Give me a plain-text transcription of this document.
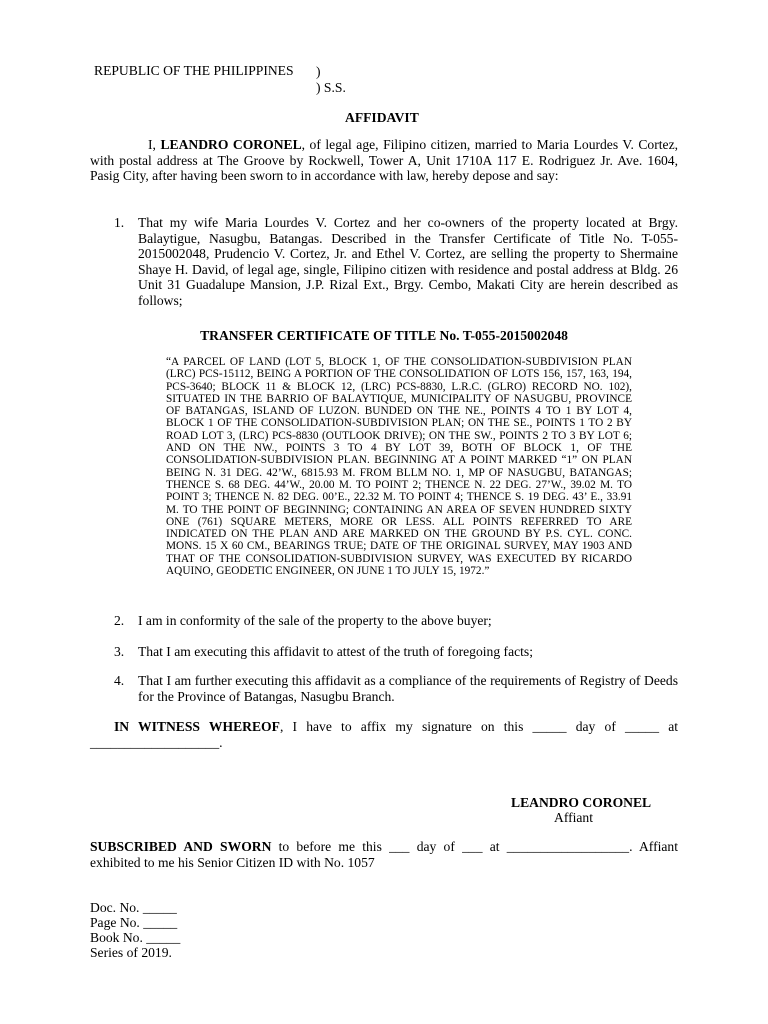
REPUBLIC OF THE PHILIPPINES )
) S.S.
AFFIDAVIT

I, LEANDRO CORONEL, of legal age, Filipino citizen, married to Maria Lourdes V. Cortez, with postal address at The Groove by Rockwell, Tower A, Unit 1710A 117 E. Rodriguez Jr. Ave. 1604, Pasig City, after having been sworn to in accordance with law, hereby depose and say:

1. That my wife Maria Lourdes V. Cortez and her co-owners of the property located at Brgy. Balaytigue, Nasugbu, Batangas. Described in the Transfer Certificate of Title No. T-055-2015002048, Prudencio V. Cortez, Jr. and Ethel V. Cortez, are selling the property to Shermaine Shaye H. David, of legal age, single, Filipino citizen with residence and postal address at Bldg. 26 Unit 31 Guadalupe Mansion, J.P. Rizal Ext., Brgy. Cembo, Makati City are herein described as follows;

TRANSFER CERTIFICATE OF TITLE No. T-055-2015002048

“A PARCEL OF LAND (LOT 5, BLOCK 1, OF THE CONSOLIDATION-SUBDIVISION PLAN (LRC) PCS-15112, BEING A PORTION OF THE CONSOLIDATION OF LOTS 156, 157, 163, 194, PCS-3640; BLOCK 11 & BLOCK 12, (LRC) PCS-8830, L.R.C. (GLRO) RECORD NO. 102), SITUATED IN THE BARRIO OF BALAYTIQUE, MUNICIPALITY OF NASUGBU, PROVINCE OF BATANGAS, ISLAND OF LUZON. BUNDED ON THE NE., POINTS 4 TO 1 BY LOT 4, BLOCK 1 OF THE CONSOLIDATION-SUBDIVISION PLAN; ON THE SE., POINTS 1 TO 2 BY ROAD LOT 3, (LRC) PCS-8830 (OUTLOOK DRIVE); ON THE SW., POINTS 2 TO 3 BY LOT 6; AND ON THE NW., POINTS 3 TO 4 BY LOT 39, BOTH OF BLOCK 1, OF THE CONSOLIDATION-SUBDIVISION PLAN. BEGINNING AT A POINT MARKED “1” ON PLAN BEING N. 31 DEG. 42’W., 6815.93 M. FROM BLLM NO. 1, MP OF NASUGBU, BATANGAS; THENCE S. 68 DEG. 44’W., 20.00 M. TO POINT 2; THENCE N. 22 DEG. 27’W., 39.02 M. TO POINT 3; THENCE N. 82 DEG. 00’E., 22.32 M. TO POINT 4; THENCE S. 19 DEG. 43’ E., 33.91 M. TO THE POINT OF BEGINNING; CONTAINING AN AREA OF SEVEN HUNDRED SIXTY ONE (761) SQUARE METERS, MORE OR LESS. ALL POINTS REFERRED TO ARE INDICATED ON THE PLAN AND ARE MARKED ON THE GROUND BY P.S. CYL. CONC. MONS. 15 X 60 CM., BEARINGS TRUE; DATE OF THE ORIGINAL SURVEY, MAY 1903 AND THAT OF THE CONSOLIDATION-SUBDIVISION SURVEY, WAS EXECUTED BY RICARDO AQUINO, GEODETIC ENGINEER, ON JUNE 1 TO JULY 15, 1972.”

2. I am in conformity of the sale of the property to the above buyer;

3. That I am executing this affidavit to attest of the truth of foregoing facts;

4. That I am further executing this affidavit as a compliance of the requirements of Registry of Deeds for the Province of Batangas, Nasugbu Branch.

IN WITNESS WHEREOF, I have to affix my signature on this _____ day of _____ at

___________________.
LEANDRO CORONEL
Affiant

SUBSCRIBED AND SWORN to before me this ___ day of ___ at __________________. Affiant exhibited to me his Senior Citizen ID with No. 1057

Doc. No. _____
Page No. _____
Book No. _____
Series of 2019.
